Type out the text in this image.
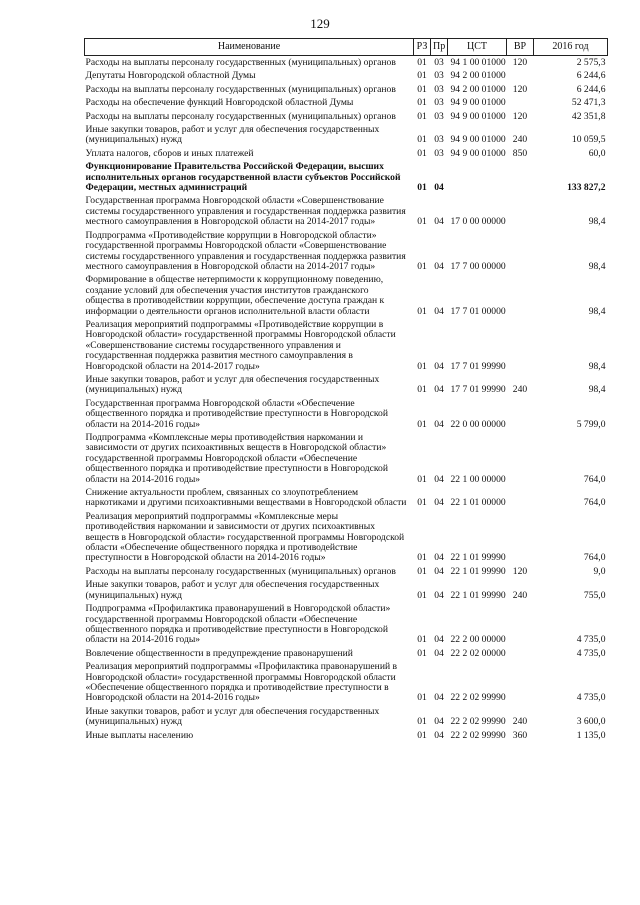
129
Наименование	РЗ	Пр	ЦСТ	ВР	2016 год
Расходы на выплаты персоналу государственных (муниципальных) органов	01	03	94 1 00 01000	120	2 575,3
Депутаты Новгородской областной Думы	01	03	94 2 00 01000		6 244,6
Расходы на выплаты персоналу государственных (муниципальных) органов	01	03	94 2 00 01000	120	6 244,6
Расходы на обеспечение функций Новгородской областной Думы	01	03	94 9 00 01000		52 471,3
Расходы на выплаты персоналу государственных (муниципальных) органов	01	03	94 9 00 01000	120	42 351,8
Иные закупки товаров, работ и услуг для обеспечения государственных (муниципальных) нужд	01	03	94 9 00 01000	240	10 059,5
Уплата налогов, сборов и иных платежей	01	03	94 9 00 01000	850	60,0
Функционирование Правительства Российской Федерации, высших исполнительных органов государственной власти субъектов Российской Федерации, местных администраций	01	04			133 827,2
Государственная программа Новгородской области «Совершенствование системы государственного управления и государственная поддержка развития местного самоуправления в Новгородской области на 2014-2017 годы»	01	04	17 0 00 00000		98,4
Подпрограмма «Противодействие коррупции в Новгородской области» государственной программы Новгородской области «Совершенствование системы государственного управления и государственная поддержка развития местного самоуправления в Новгородской области на 2014-2017 годы»	01	04	17 7 00 00000		98,4
Формирование в обществе нетерпимости к коррупционному поведению, создание условий для обеспечения участия институтов гражданского общества в противодействии коррупции, обеспечение доступа граждан к информации о деятельности органов исполнительной власти области	01	04	17 7 01 00000		98,4
Реализация мероприятий подпрограммы «Противодействие коррупции в Новгородской области» государственной программы Новгородской области «Совершенствование системы государственного управления и государственная поддержка развития местного самоуправления в Новгородской области на 2014-2017 годы»	01	04	17 7 01 99990		98,4
Иные закупки товаров, работ и услуг для обеспечения государственных (муниципальных) нужд	01	04	17 7 01 99990	240	98,4
Государственная программа Новгородской области «Обеспечение общественного порядка и противодействие преступности в Новгородской области на 2014-2016 годы»	01	04	22 0 00 00000		5 799,0
Подпрограмма «Комплексные меры противодействия наркомании и зависимости от других психоактивных веществ в Новгородской области» государственной программы Новгородской области «Обеспечение общественного порядка и противодействие преступности в Новгородской области на 2014-2016 годы»	01	04	22 1 00 00000		764,0
Снижение актуальности проблем, связанных со злоупотреблением наркотиками и другими психоактивными веществами в Новгородской области	01	04	22 1 01 00000		764,0
Реализация мероприятий подпрограммы «Комплексные меры противодействия наркомании и зависимости от других психоактивных веществ в Новгородской области» государственной программы Новгородской области «Обеспечение общественного порядка и противодействие преступности в Новгородской области на 2014-2016 годы»	01	04	22 1 01 99990		764,0
Расходы на выплаты персоналу государственных (муниципальных) органов	01	04	22 1 01 99990	120	9,0
Иные закупки товаров, работ и услуг для обеспечения государственных (муниципальных) нужд	01	04	22 1 01 99990	240	755,0
Подпрограмма «Профилактика правонарушений в Новгородской области» государственной программы Новгородской области «Обеспечение общественного порядка и противодействие преступности в Новгородской области на 2014-2016 годы»	01	04	22 2 00 00000		4 735,0
Вовлечение общественности в предупреждение правонарушений	01	04	22 2 02 00000		4 735,0
Реализация мероприятий подпрограммы «Профилактика правонарушений в Новгородской области» государственной программы Новгородской области «Обеспечение общественного порядка и противодействие преступности в Новгородской области на 2014-2016 годы»	01	04	22 2 02 99990		4 735,0
Иные закупки товаров, работ и услуг для обеспечения государственных (муниципальных) нужд	01	04	22 2 02 99990	240	3 600,0
Иные выплаты населению	01	04	22 2 02 99990	360	1 135,0
